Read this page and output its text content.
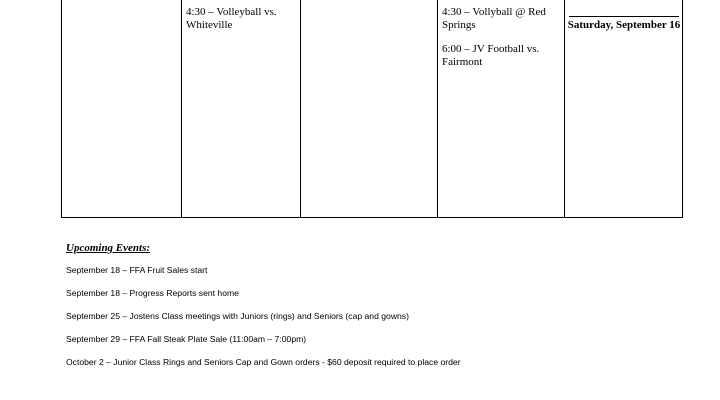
4:30 – Volleyball vs. Whiteville
4:30 – Vollyball @ Red Springs
6:00 – JV Football vs. Fairmont
Saturday, September 16
Upcoming Events:
September 18 – FFA Fruit Sales start
September 18 – Progress Reports sent home
September 25 – Jostens Class meetings with Juniors (rings) and Seniors (cap and gowns)
September 29 – FFA Fall Steak Plate Sale (11:00am – 7:00pm)
October 2 – Junior Class Rings and Seniors Cap and Gown orders - $60 deposit required to place order
